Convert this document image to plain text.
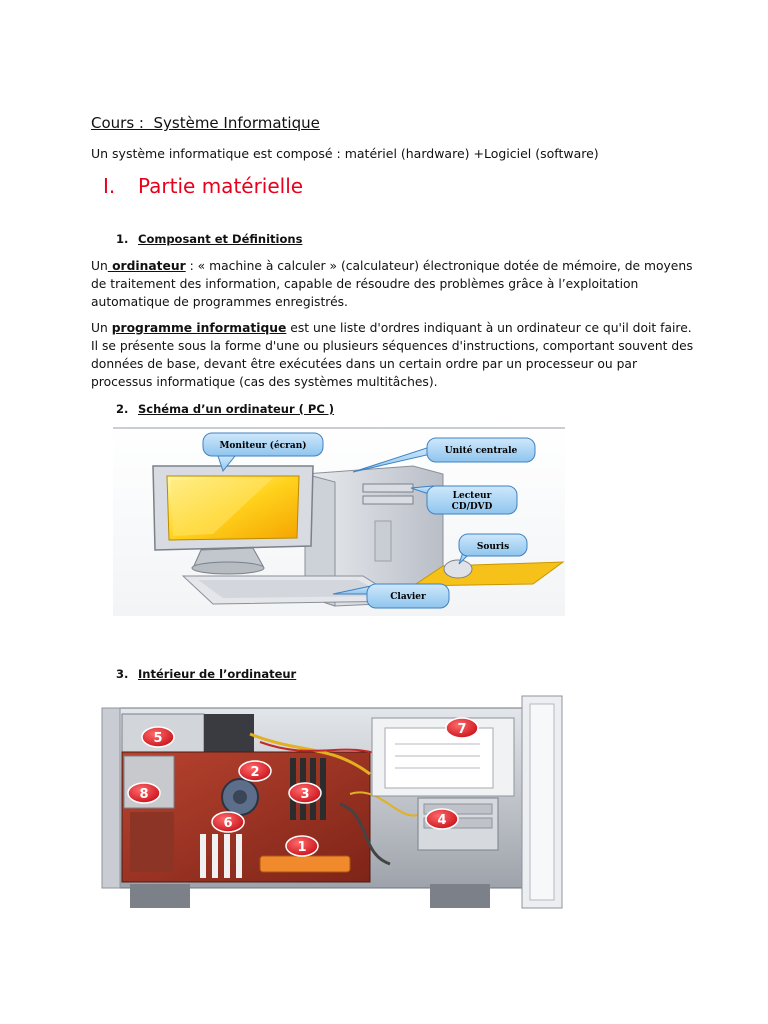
Cours :  Système Informatique
Un système informatique est composé : matériel (hardware) +Logiciel (software)
I. Partie matérielle
1. Composant et Définitions
Un ordinateur : « machine à calculer » (calculateur) électronique dotée de mémoire, de moyens de traitement des information, capable de résoudre des problèmes grâce à l’exploitation automatique de programmes enregistrés.
Un programme informatique est une liste d'ordres indiquant à un ordinateur ce qu'il doit faire. Il se présente sous la forme d'une ou plusieurs séquences d'instructions, comportant souvent des données de base, devant être exécutées dans un certain ordre par un processeur ou par processus informatique (cas des systèmes multitâches).
2. Schéma d’un ordinateur ( PC )
Moniteur (écran)	Unité centrale
Lecteur
CD/DVD
Souris
Clavier
3. Intérieur de l’ordinateur
5
2
8	3
6
1
7
4
